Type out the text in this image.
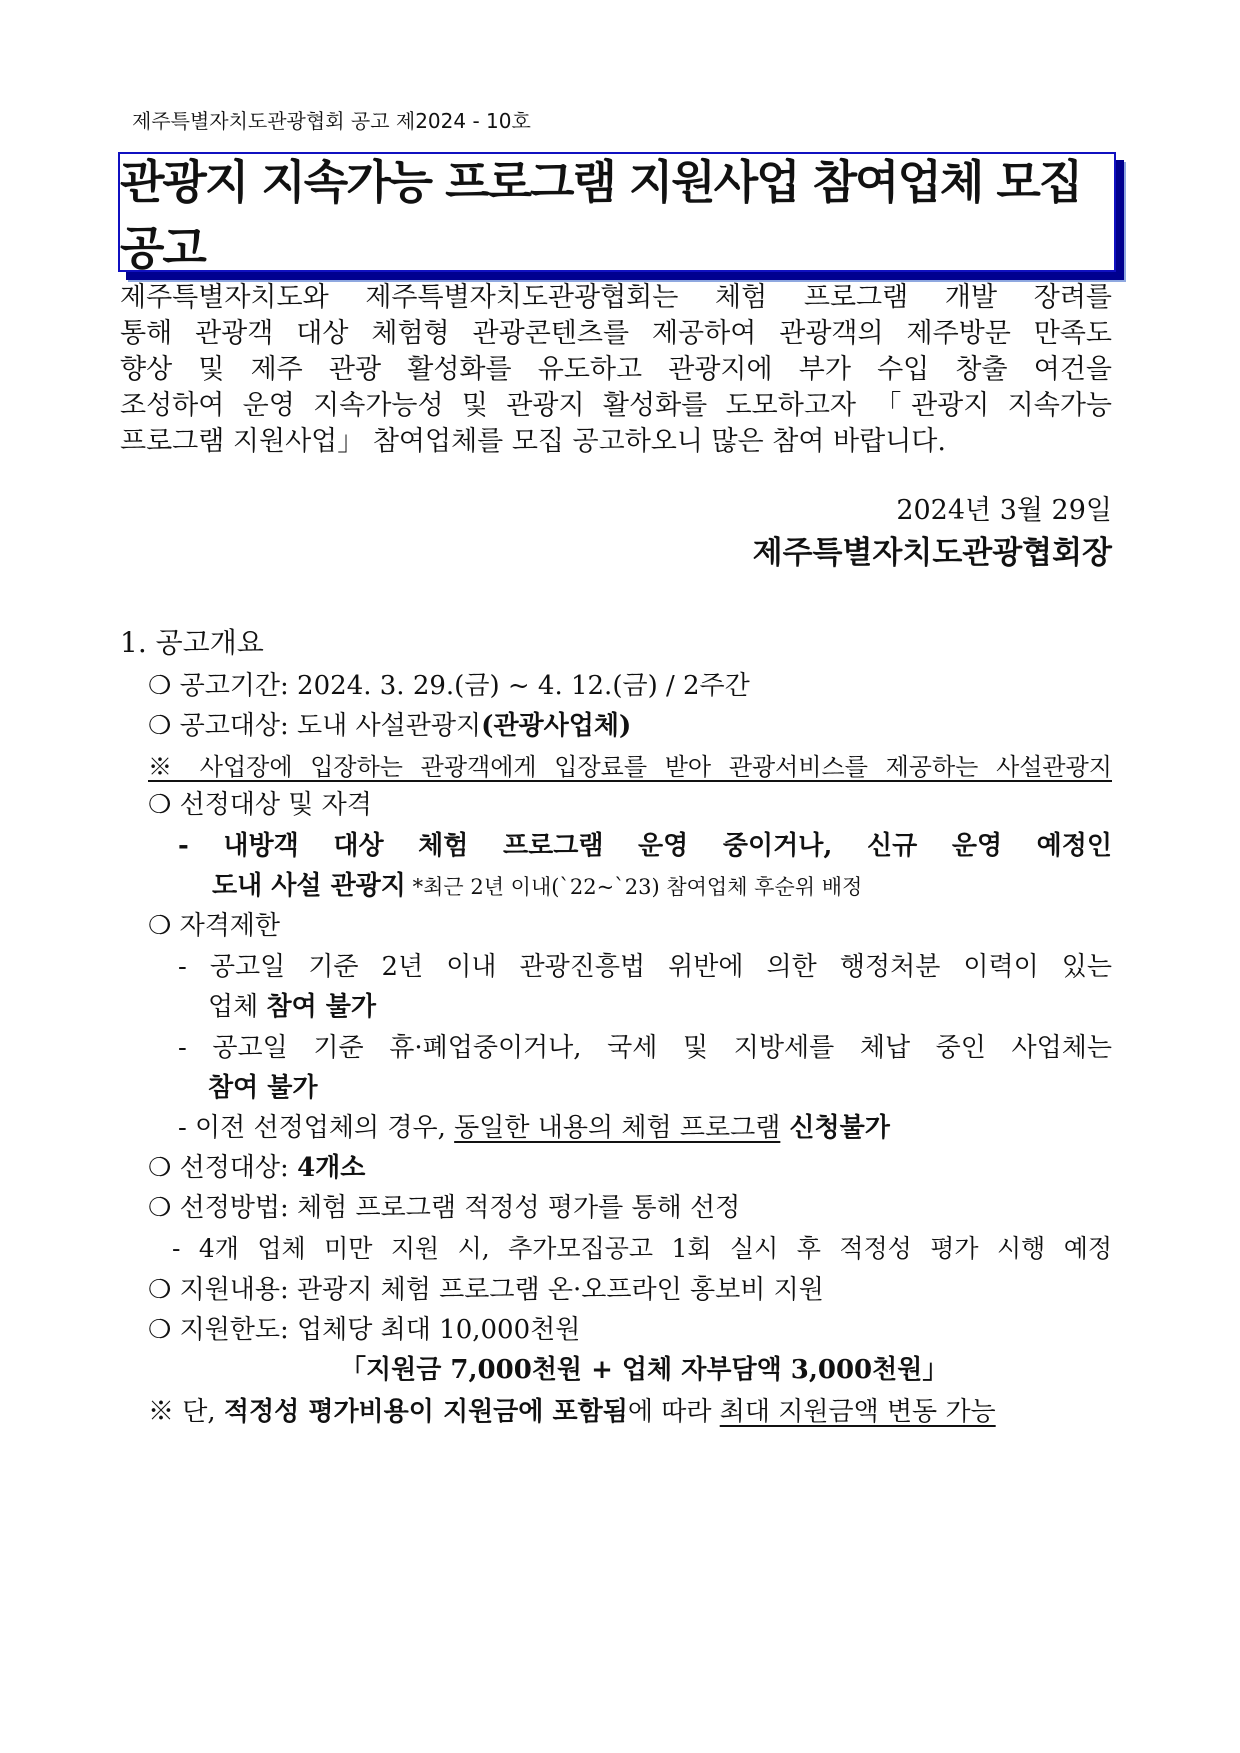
제주특별자치도관광협회 공고 제2024 - 10호
관광지 지속가능 프로그램 지원사업 참여업체 모집공고
제주특별자치도와 제주특별자치도관광협회는 체험 프로그램 개발 장려를
통해 관광객 대상 체험형 관광콘텐츠를 제공하여 관광객의 제주방문 만족도
향상 및 제주 관광 활성화를 유도하고 관광지에 부가 수입 창출 여건을
조성하여 운영 지속가능성 및 관광지 활성화를 도모하고자 「관광지 지속가능
프로그램 지원사업」 참여업체를 모집 공고하오니 많은 참여 바랍니다.
2024년 3월 29일
제주특별자치도관광협회장
1. 공고개요
❍ 공고기간: 2024. 3. 29.(금) ~ 4. 12.(금) / 2주간
❍ 공고대상: 도내 사설관광지(관광사업체)
※ 사업장에 입장하는 관광객에게 입장료를 받아 관광서비스를 제공하는 사설관광지
❍ 선정대상 및 자격
- 내방객 대상 체험 프로그램 운영 중이거나, 신규 운영 예정인
도내 사설 관광지 *최근 2년 이내(`22~`23) 참여업체 후순위 배정
❍ 자격제한
- 공고일 기준 2년 이내 관광진흥법 위반에 의한 행정처분 이력이 있는
업체 참여 불가
- 공고일 기준 휴·폐업중이거나, 국세 및 지방세를 체납 중인 사업체는
참여 불가
- 이전 선정업체의 경우, 동일한 내용의 체험 프로그램 신청불가
❍ 선정대상: 4개소
❍ 선정방법: 체험 프로그램 적정성 평가를 통해 선정
- 4개 업체 미만 지원 시, 추가모집공고 1회 실시 후 적정성 평가 시행 예정
❍ 지원내용: 관광지 체험 프로그램 온·오프라인 홍보비 지원
❍ 지원한도: 업체당 최대 10,000천원
「지원금 7,000천원 + 업체 자부담액 3,000천원」
※ 단, 적정성 평가비용이 지원금에 포함됨에 따라 최대 지원금액 변동 가능
